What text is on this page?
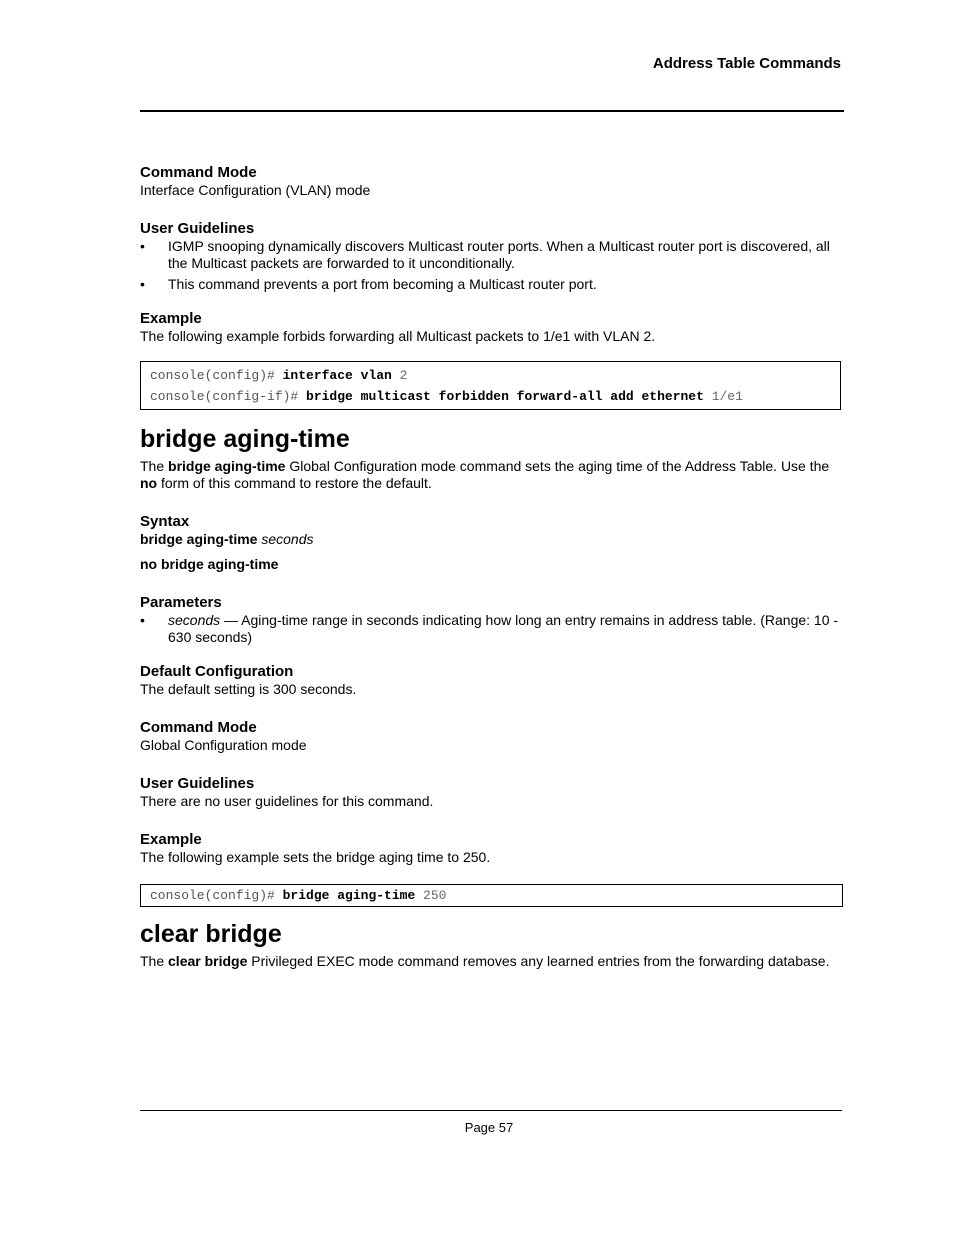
Address Table Commands

Command Mode

Interface Configuration (VLAN) mode

User Guidelines

• IGMP snooping dynamically discovers Multicast router ports. When a Multicast router port is discovered, all the Multicast packets are forwarded to it unconditionally.
• This command prevents a port from becoming a Multicast router port.

Example

The following example forbids forwarding all Multicast packets to 1/e1 with VLAN 2.

console(config)# interface vlan 2
console(config-if)# bridge multicast forbidden forward-all add ethernet 1/e1
bridge aging-time

The bridge aging-time Global Configuration mode command sets the aging time of the Address Table. Use the no form of this command to restore the default.

Syntax

bridge aging-time seconds

no bridge aging-time

Parameters

• seconds — Aging-time range in seconds indicating how long an entry remains in address table. (Range: 10 - 630 seconds)

Default Configuration

The default setting is 300 seconds.

Command Mode

Global Configuration mode

User Guidelines

There are no user guidelines for this command.

Example

The following example sets the bridge aging time to 250.

console(config)# bridge aging-time 250
clear bridge

The clear bridge Privileged EXEC mode command removes any learned entries from the forwarding database.

Page 57
